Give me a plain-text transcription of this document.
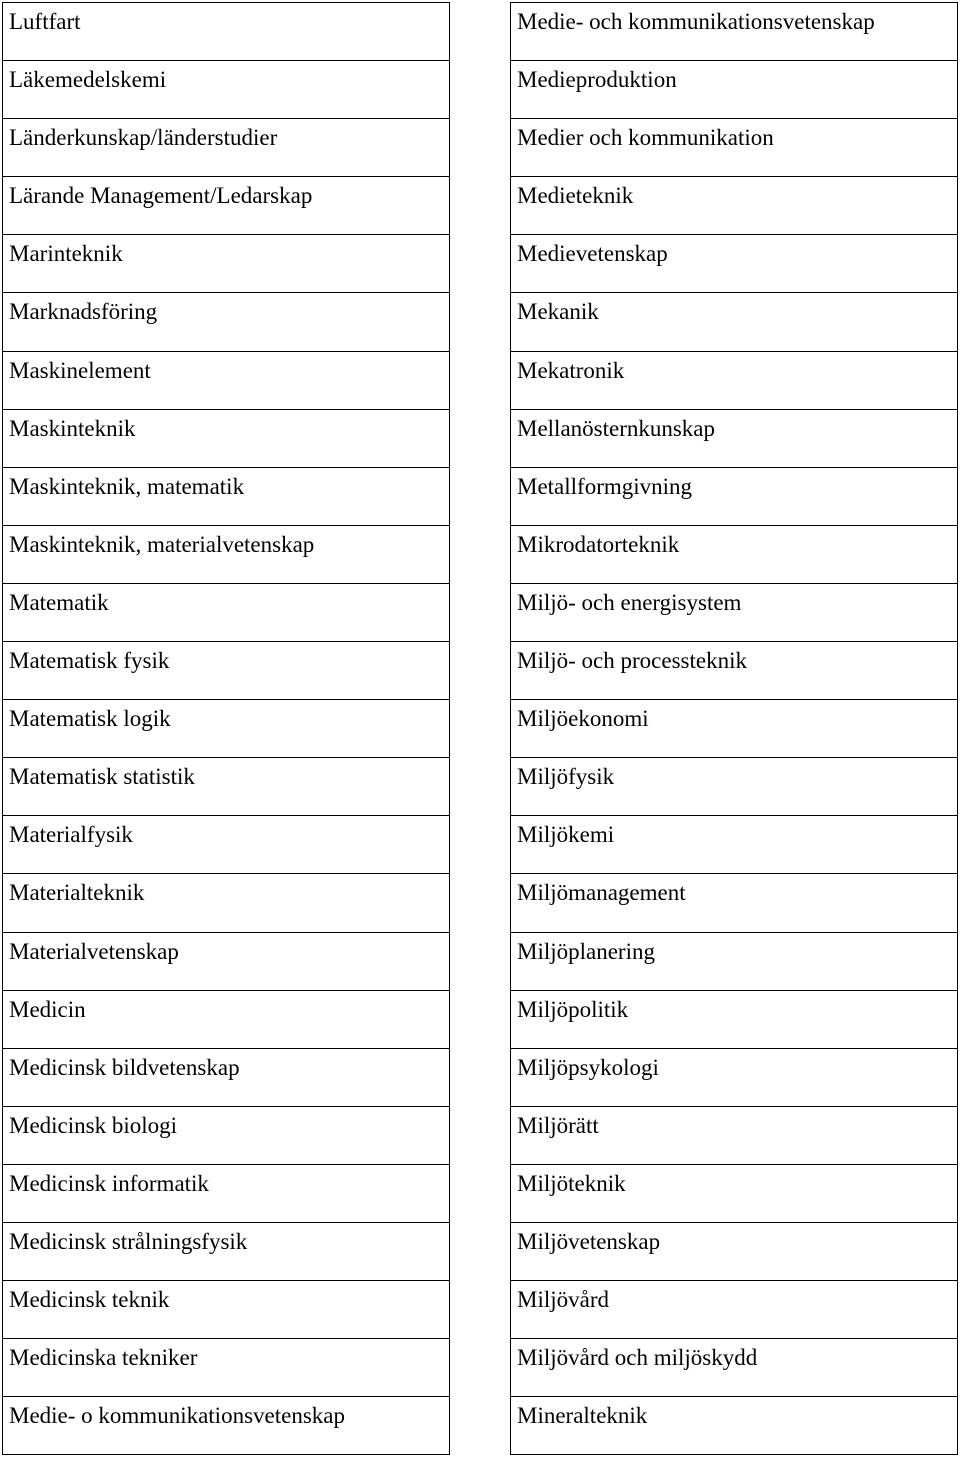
Luftfart
Läkemedelskemi
Länderkunskap/länderstudier
Lärande Management/Ledarskap
Marinteknik
Marknadsföring
Maskinelement
Maskinteknik
Maskinteknik, matematik
Maskinteknik, materialvetenskap
Matematik
Matematisk fysik
Matematisk logik
Matematisk statistik
Materialfysik
Materialteknik
Materialvetenskap
Medicin
Medicinsk bildvetenskap
Medicinsk biologi
Medicinsk informatik
Medicinsk strålningsfysik
Medicinsk teknik
Medicinska tekniker
Medie- o kommunikationsvetenskap
Medie- och kommunikationsvetenskap
Medieproduktion
Medier och kommunikation
Medieteknik
Medievetenskap
Mekanik
Mekatronik
Mellanösternkunskap
Metallformgivning
Mikrodatorteknik
Miljö- och energisystem
Miljö- och processteknik
Miljöekonomi
Miljöfysik
Miljökemi
Miljömanagement
Miljöplanering
Miljöpolitik
Miljöpsykologi
Miljörätt
Miljöteknik
Miljövetenskap
Miljövård
Miljövård och miljöskydd
Mineralteknik
